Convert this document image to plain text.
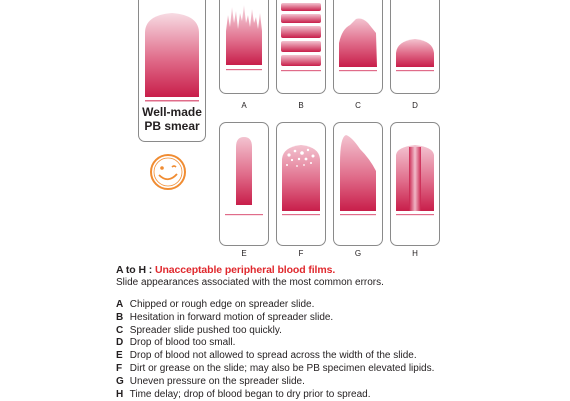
Well-made
PB smear
A	B	C	D
E	F	G	H
A to H : Unacceptable peripheral blood films.
Slide appearances associated with the most common errors.
A Chipped or rough edge on spreader slide.
B Hesitation in forward motion of spreader slide.
C Spreader slide pushed too quickly.
D Drop of blood too small.
E Drop of blood not allowed to spread across the width of the slide.
F Dirt or grease on the slide; may also be PB specimen elevated lipids.
G Uneven pressure on the spreader slide.
H Time delay; drop of blood began to dry prior to spread.
